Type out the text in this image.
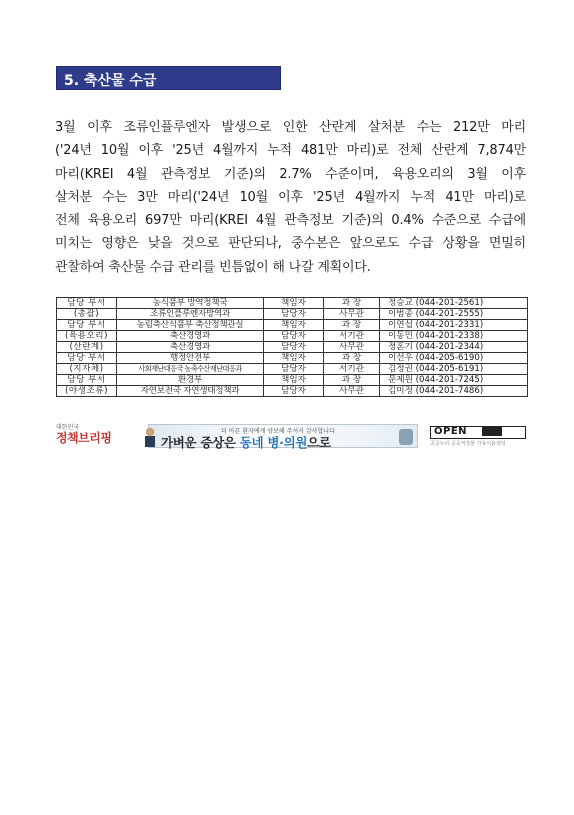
5. 축산물 수급
3월 이후 조류인플루엔자 발생으로 인한 산란계 살처분 수는 212만 마리
('24년 10월 이후 '25년 4월까지 누적 481만 마리)로 전체 산란계 7,874만
마리(KREI 4월 관측정보 기준)의 2.7% 수준이며, 육용오리의 3월 이후
살처분 수는 3만 마리('24년 10월 이후 '25년 4월까지 누적 41만 마리)로
전체 육용오리 697만 마리(KREI 4월 관측정보 기준)의 0.4% 수준으로 수급에
미치는 영향은 낮을 것으로 판단되나, 중수본은 앞으로도 수급 상황을 면밀히
관찰하여 축산물 수급 관리를 빈틈없이 해 나갈 계획이다.
담당 부서	농식품부 방역정책국	책임자	과 장	정승교 (044-201-2561)
(총괄)	조류인플루엔자방역과	담당자	사무관	이범종 (044-201-2555)
담당 부서	농림축산식품부 축산정책관실	책임자	과 장	이연섭 (044-201-2331)
(육용오리)	축산경영과	담당자	서기관	이동민 (044-201-2338)
(산란계)	축산경영과	담당자	사무관	정혼기 (044-201-2344)
담당 부서	행정안전부	책임자	과 장	이선우 (044-205-6190)
(지자체)	사회재난대응국 농축수산재난대응과	담당자	서기관	김정권 (044-205-6191)
담당 부서	환경부	책임자	과 장	문제원 (044-201-7245)
(야생조류)	자연보전국 자연생태정책과	담당자	사무관	김미정 (044-201-7486)
대한민국
정책브리핑	더 아픈 환자에게 양보해 주셔서 감사합니다
가벼운 증상은 동네 병·의원으로
OPEN
공공누리 공공저작물 자유이용허락
